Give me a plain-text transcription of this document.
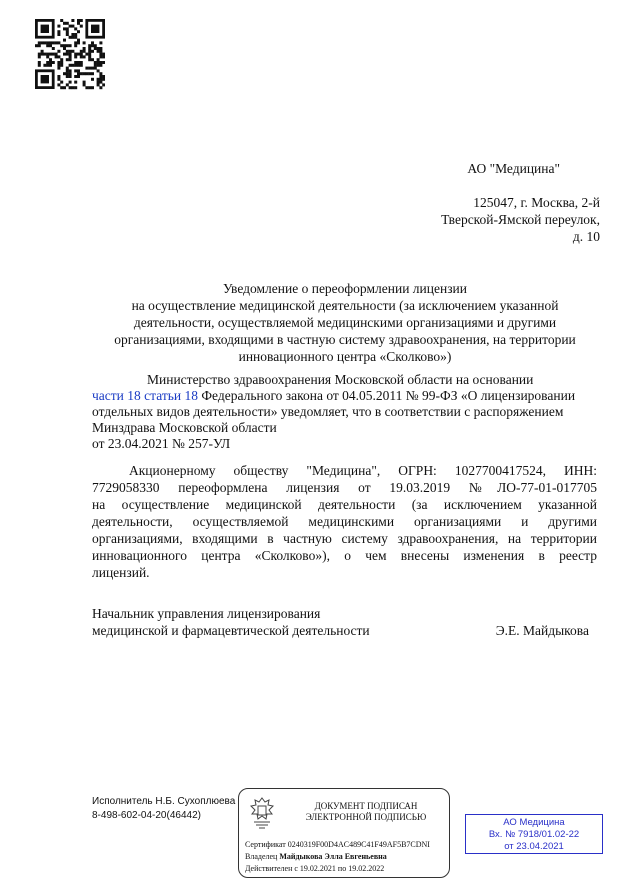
АО "Медицина"
125047, г. Москва, 2-й
Тверской-Ямской переулок,
д. 10
Уведомление о переоформлении лицензии
на осуществление медицинской деятельности (за исключением указанной
деятельности, осуществляемой медицинскими организациями и другими
организациями, входящими в частную систему здравоохранения, на территории
инновационного центра «Сколково»)
Министерство здравоохранения Московской области на основании
части 18 статьи 18 Федерального закона от 04.05.2011 № 99-ФЗ «О лицензировании
отдельных видов деятельности» уведомляет, что в соответствии с распоряжением
Минздрава Московской области
от 23.04.2021 № 257-УЛ
Акционерному обществу "Медицина", ОГРН: 1027700417524, ИНН:
7729058330 переоформлена лицензия от 19.03.2019 №ЛО-77-01-017705
на осуществление медицинской деятельности (за исключением указанной
деятельности, осуществляемой медицинскими организациями и другими
организациями, входящими в частную систему здравоохранения, на территории
инновационного центра «Сколково»), о чем внесены изменения в реестр
лицензий.
Начальник управления лицензирования
медицинской и фармацевтической деятельности	Э.Е. Майдыкова
Исполнитель Н.Б. Сухоплюева
8-498-602-04-20(46442)
ДОКУМЕНТ ПОДПИСАН
ЭЛЕКТРОННОЙ ПОДПИСЬЮ
Сертификат 0240319F00D4AC489C41F49AF5B7CDNI
Владелец Майдыкова Элла Евгеньевна
Действителен с 19.02.2021 по 19.02.2022
АО Медицина
Вх. № 7918/01.02-22
от 23.04.2021
